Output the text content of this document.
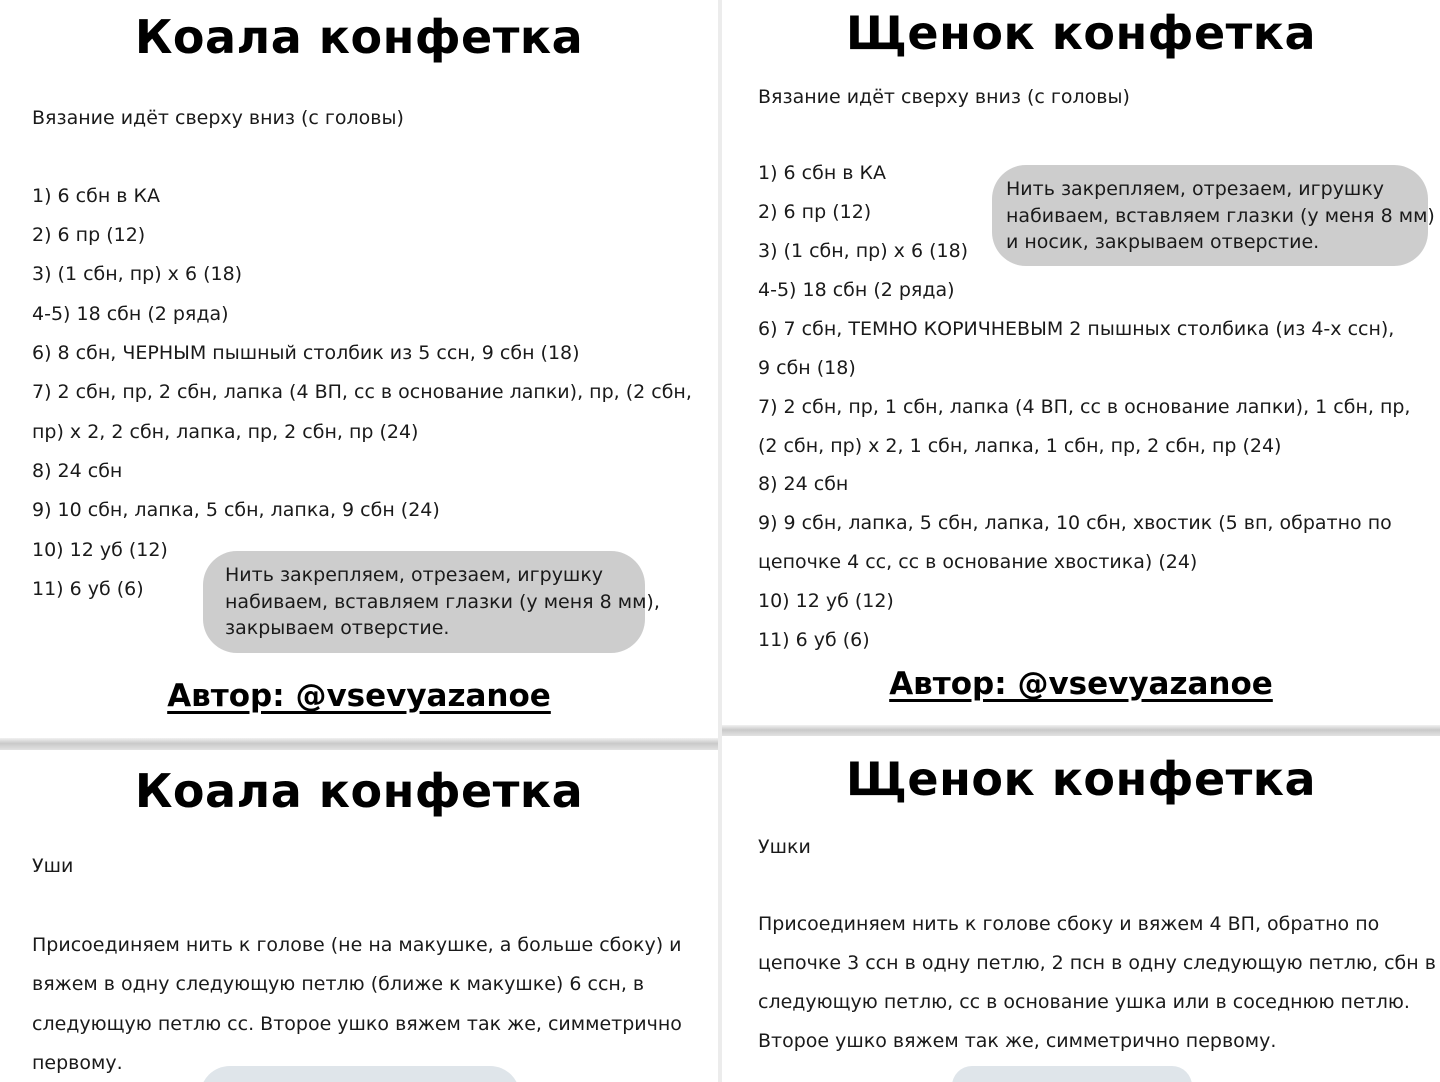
Коала конфетка
Вязание идёт сверху вниз (с головы)
1) 6 сбн в КА
2) 6 пр (12)
3) (1 сбн, пр) х 6 (18)
4-5) 18 сбн (2 ряда)
6) 8 сбн, ЧЕРНЫМ пышный столбик из 5 ссн, 9 сбн (18)
7) 2 сбн, пр, 2 сбн, лапка (4 ВП, сс в основание лапки), пр, (2 сбн,
пр) х 2, 2 сбн, лапка, пр, 2 сбн, пр (24)
8) 24 сбн
9) 10 сбн, лапка, 5 сбн, лапка, 9 сбн (24)
10) 12 уб (12)
11) 6 уб (6)
Нить закрепляем, отрезаем, игрушку
набиваем, вставляем глазки (у меня 8 мм),
закрываем отверстие.
Автор: @vsevyazanoe
Щенок конфетка
Вязание идёт сверху вниз (с головы)
1) 6 сбн в КА
2) 6 пр (12)
3) (1 сбн, пр) х 6 (18)
4-5) 18 сбн (2 ряда)
6) 7 сбн, ТЕМНО КОРИЧНЕВЫМ 2 пышных столбика (из 4-х ссн),
9 сбн (18)
7) 2 сбн, пр, 1 сбн, лапка (4 ВП, сс в основание лапки), 1 сбн, пр,
(2 сбн, пр) х 2, 1 сбн, лапка, 1 сбн, пр, 2 сбн, пр (24)
8) 24 сбн
9) 9 сбн, лапка, 5 сбн, лапка, 10 сбн, хвостик (5 вп, обратно по
цепочке 4 сс, сс в основание хвостика) (24)
10) 12 уб (12)
11) 6 уб (6)
Нить закрепляем, отрезаем, игрушку
набиваем, вставляем глазки (у меня 8 мм)
и носик, закрываем отверстие.
Автор: @vsevyazanoe
Коала конфетка
Уши
Присоединяем нить к голове (не на макушке, а больше сбоку) и
вяжем в одну следующую петлю (ближе к макушке) 6 ссн, в
следующую петлю сс. Второе ушко вяжем так же, симметрично
первому.
Щенок конфетка
Ушки
Присоединяем нить к голове сбоку и вяжем 4 ВП, обратно по
цепочке 3 ссн в одну петлю, 2 псн в одну следующую петлю, сбн в
следующую петлю, сс в основание ушка или в соседнюю петлю.
Второе ушко вяжем так же, симметрично первому.
